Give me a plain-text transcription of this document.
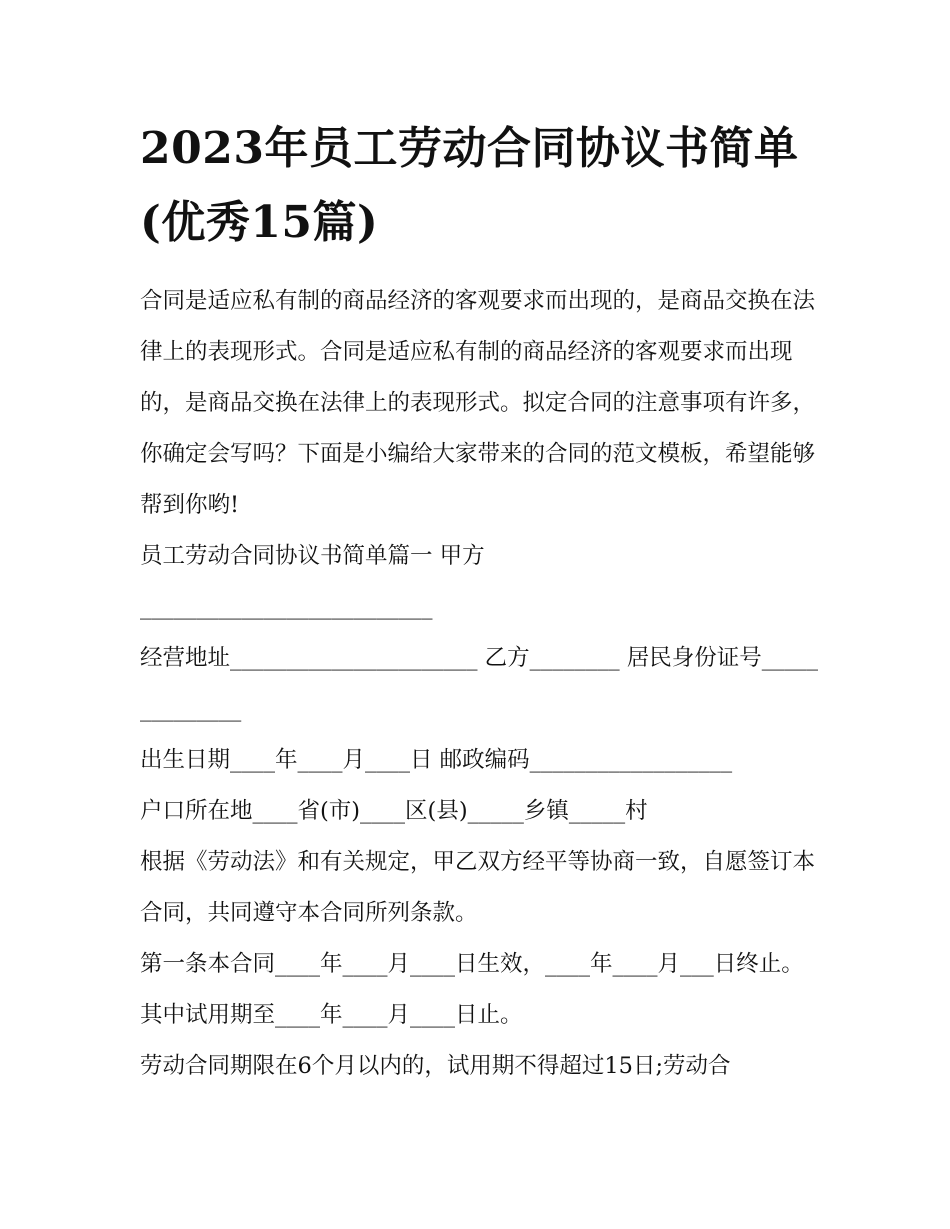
2023年员工劳动合同协议书简单(优秀15篇)

合同是适应私有制的商品经济的客观要求而出现的，是商品交换在法律上的表现形式。合同是适应私有制的商品经济的客观要求而出现的，是商品交换在法律上的表现形式。拟定合同的注意事项有许多，你确定会写吗？下面是小编给大家带来的合同的范文模板，希望能够帮到你哟!

员工劳动合同协议书简单篇一 甲方

__________________________

经营地址______________________ 乙方________ 居民身份证号______________

出生日期____年____月____日 邮政编码__________________

户口所在地____省(市)____区(县)_____乡镇_____村

根据《劳动法》和有关规定，甲乙双方经平等协商一致，自愿签订本合同，共同遵守本合同所列条款。

第一条本合同____年____月____日生效，____年____月___日终止。 其中试用期至____年____月____日止。

劳动合同期限在6个月以内的，试用期不得超过15日;劳动合
